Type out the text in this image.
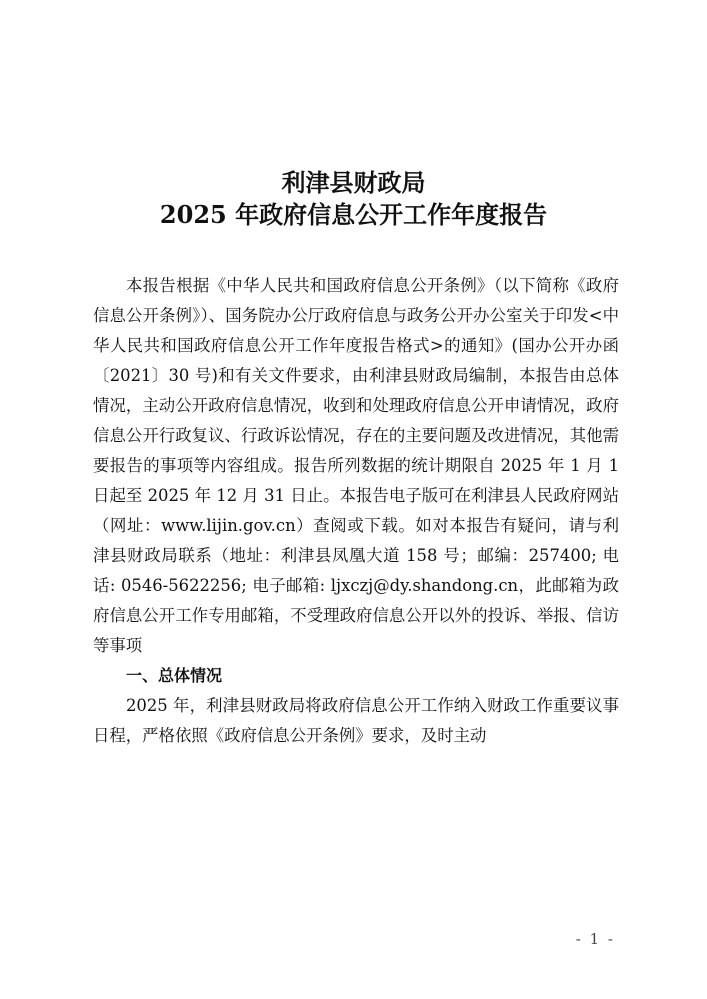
利津县财政局
2025 年政府信息公开工作年度报告

本报告根据《中华人民共和国政府信息公开条例》（以下简称《政府信息公开条例》）、国务院办公厅政府信息与政务公开办公室关于印发<中华人民共和国政府信息公开工作年度报告格式>的通知》(国办公开办函〔2021〕30 号)和有关文件要求，由利津县财政局编制，本报告由总体情况，主动公开政府信息情况，收到和处理政府信息公开申请情况，政府信息公开行政复议、行政诉讼情况，存在的主要问题及改进情况，其他需要报告的事项等内容组成。报告所列数据的统计期限自 2025 年 1 月 1 日起至 2025 年 12 月 31 日止。本报告电子版可在利津县人民政府网站（网址：www.lijin.gov.cn）查阅或下载。如对本报告有疑问，请与利津县财政局联系（地址：利津县凤凰大道 158 号；邮编：257400; 电话: 0546-5622256; 电子邮箱: ljxczj@dy.shandong.cn，此邮箱为政府信息公开工作专用邮箱，不受理政府信息公开以外的投诉、举报、信访等事项

一、总体情况

2025 年，利津县财政局将政府信息公开工作纳入财政工作重要议事日程，严格依照《政府信息公开条例》要求，及时主动

- 1 -
